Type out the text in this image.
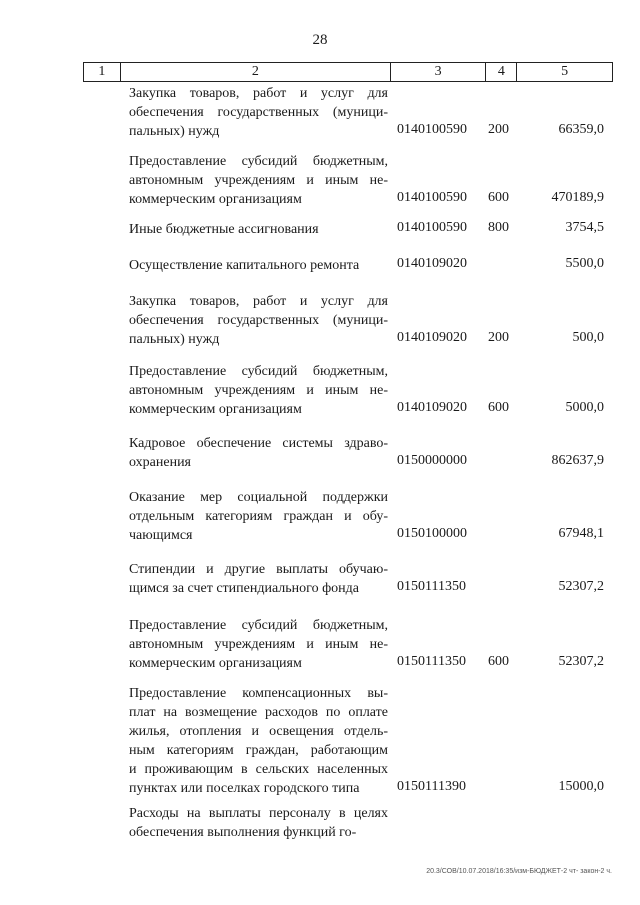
28
1	2	3	4	5
Закупка товаров, работ и услуг для
обеспечения государственных (муници-
пальных) нужд	0140100590 200	66359,0
Предоставление субсидий бюджетным,
автономным учреждениям и иным не-
коммерческим организациям	0140100590 600	470189,9
Иные бюджетные ассигнования	0140100590 800	3754,5
Осуществление капитального ремонта	0140109020	5500,0
Закупка товаров, работ и услуг для
обеспечения государственных (муници-
пальных) нужд	0140109020 200	500,0
Предоставление субсидий бюджетным,
автономным учреждениям и иным не-
коммерческим организациям	0140109020 600	5000,0
Кадровое обеспечение системы здраво-
охранения	0150000000	862637,9
Оказание мер социальной поддержки
отдельным категориям граждан и обу-
чающимся	0150100000	67948,1
Стипендии и другие выплаты обучаю-
щимся за счет стипендиального фонда	0150111350	52307,2
Предоставление субсидий бюджетным,
автономным учреждениям и иным не-
коммерческим организациям	0150111350 600	52307,2
Предоставление компенсационных вы-
плат на возмещение расходов по оплате
жилья, отопления и освещения отдель-
ным категориям граждан, работающим
и проживающим в сельских населенных
пунктах или поселках городского типа	0150111390	15000,0
Расходы на выплаты персоналу в целях
обеспечения выполнения функций го-
20.3/СОВ/10.07.2018/16:35/изм-БЮДЖЕТ-2 чт- закон-2 ч.
